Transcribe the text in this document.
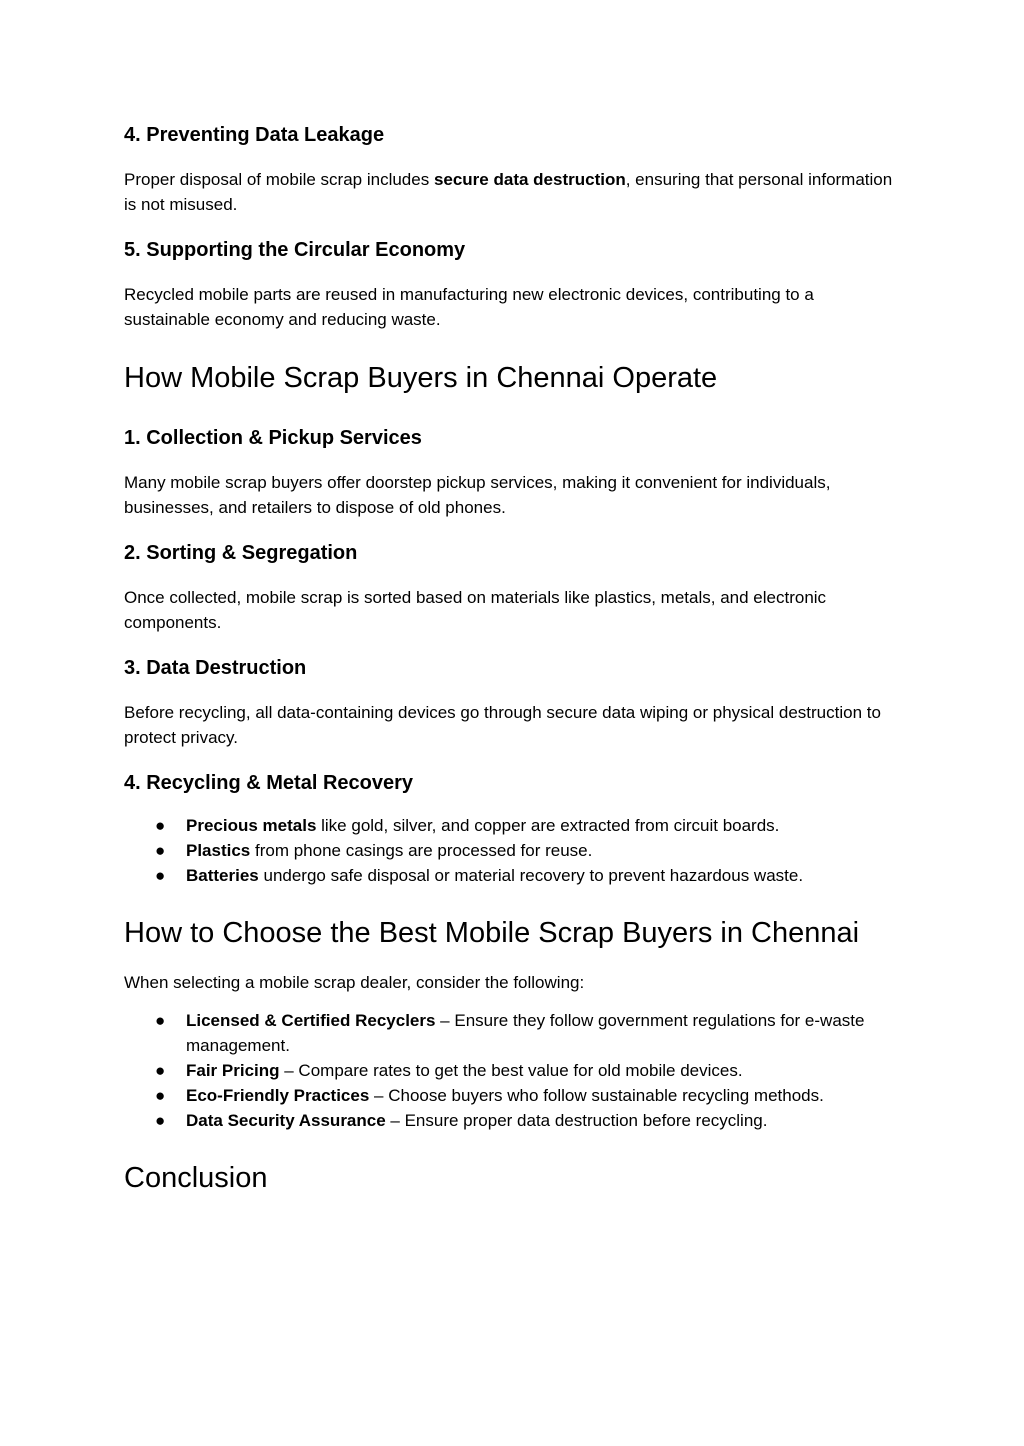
4. Preventing Data Leakage

Proper disposal of mobile scrap includes secure data destruction, ensuring that personal information is not misused.

5. Supporting the Circular Economy

Recycled mobile parts are reused in manufacturing new electronic devices, contributing to a sustainable economy and reducing waste.

How Mobile Scrap Buyers in Chennai Operate
1. Collection & Pickup Services

Many mobile scrap buyers offer doorstep pickup services, making it convenient for individuals, businesses, and retailers to dispose of old phones.

2. Sorting & Segregation

Once collected, mobile scrap is sorted based on materials like plastics, metals, and electronic components.

3. Data Destruction

Before recycling, all data-containing devices go through secure data wiping or physical destruction to protect privacy.

4. Recycling & Metal Recovery
● Precious metals like gold, silver, and copper are extracted from circuit boards.
● Plastics from phone casings are processed for reuse.
● Batteries undergo safe disposal or material recovery to prevent hazardous waste.
How to Choose the Best Mobile Scrap Buyers in Chennai

When selecting a mobile scrap dealer, consider the following:

● Licensed & Certified Recyclers – Ensure they follow government regulations for e-waste management.
● Fair Pricing – Compare rates to get the best value for old mobile devices.
● Eco-Friendly Practices – Choose buyers who follow sustainable recycling methods.
● Data Security Assurance – Ensure proper data destruction before recycling.
Conclusion
